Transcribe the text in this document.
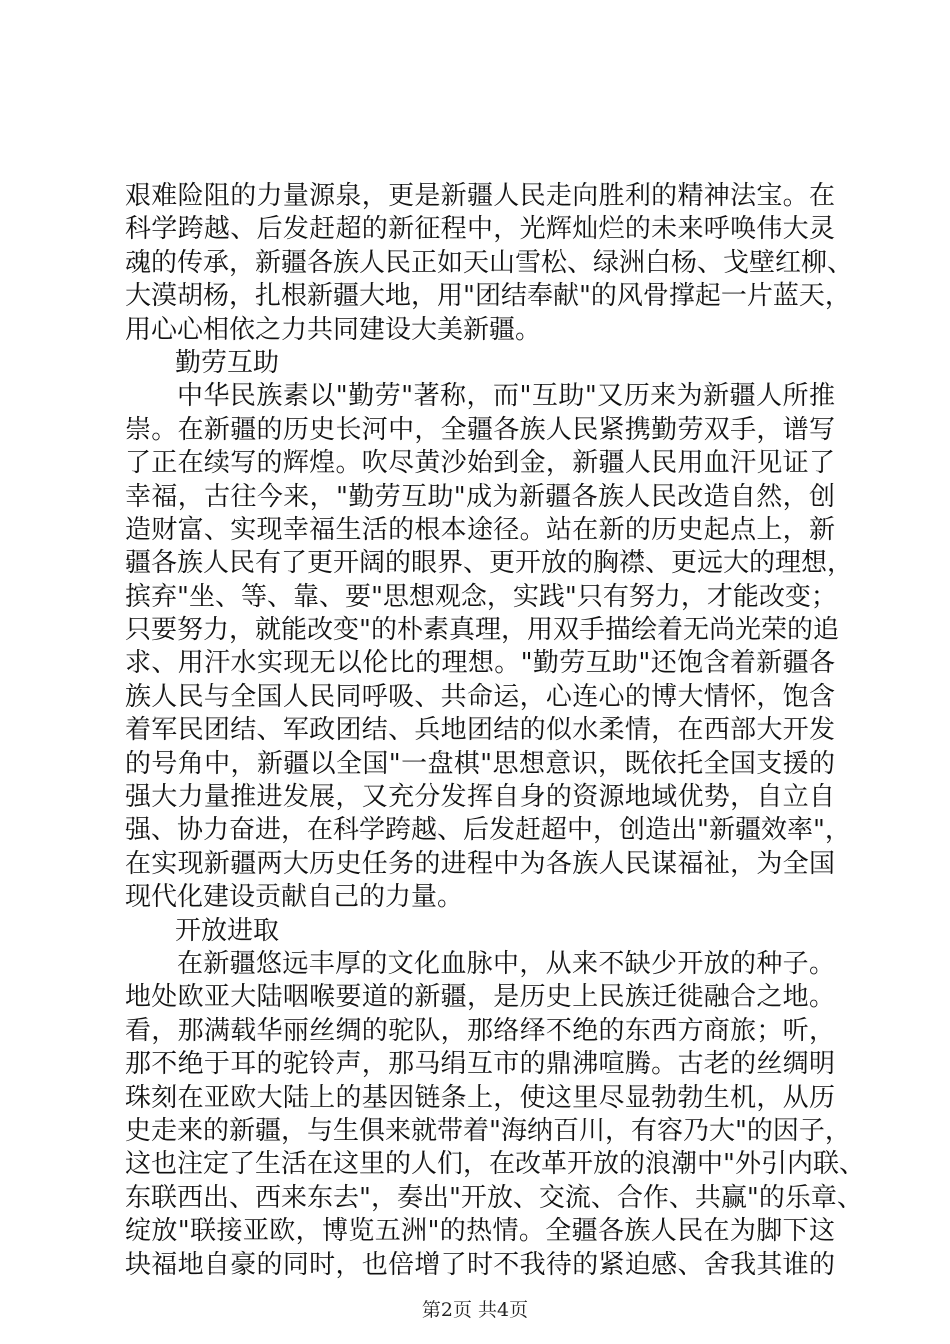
艰难险阻的力量源泉，更是新疆人民走向胜利的精神法宝。在
科学跨越、后发赶超的新征程中，光辉灿烂的未来呼唤伟大灵
魂的传承，新疆各族人民正如天山雪松、绿洲白杨、戈壁红柳、
大漠胡杨，扎根新疆大地，用"团结奉献"的风骨撑起一片蓝天，
用心心相依之力共同建设大美新疆。
勤劳互助
中华民族素以"勤劳"著称，而"互助"又历来为新疆人所推
崇。在新疆的历史长河中，全疆各族人民紧携勤劳双手，谱写
了正在续写的辉煌。吹尽黄沙始到金，新疆人民用血汗见证了
幸福，古往今来，"勤劳互助"成为新疆各族人民改造自然，创
造财富、实现幸福生活的根本途径。站在新的历史起点上，新
疆各族人民有了更开阔的眼界、更开放的胸襟、更远大的理想，
摈弃"坐、等、靠、要"思想观念，实践"只有努力，才能改变；
只要努力，就能改变"的朴素真理，用双手描绘着无尚光荣的追
求、用汗水实现无以伦比的理想。"勤劳互助"还饱含着新疆各
族人民与全国人民同呼吸、共命运，心连心的博大情怀，饱含
着军民团结、军政团结、兵地团结的似水柔情，在西部大开发
的号角中，新疆以全国"一盘棋"思想意识，既依托全国支援的
强大力量推进发展，又充分发挥自身的资源地域优势，自立自
强、协力奋进，在科学跨越、后发赶超中，创造出"新疆效率"，
在实现新疆两大历史任务的进程中为各族人民谋福祉，为全国
现代化建设贡献自己的力量。
开放进取
在新疆悠远丰厚的文化血脉中，从来不缺少开放的种子。
地处欧亚大陆咽喉要道的新疆，是历史上民族迁徙融合之地。
看，那满载华丽丝绸的驼队，那络绎不绝的东西方商旅；听，
那不绝于耳的驼铃声，那马绢互市的鼎沸喧腾。古老的丝绸明
珠刻在亚欧大陆上的基因链条上，使这里尽显勃勃生机，从历
史走来的新疆，与生俱来就带着"海纳百川，有容乃大"的因子，
这也注定了生活在这里的人们，在改革开放的浪潮中"外引内联、
东联西出、西来东去"，奏出"开放、交流、合作、共赢"的乐章、
绽放"联接亚欧，博览五洲"的热情。全疆各族人民在为脚下这
块福地自豪的同时，也倍增了时不我待的紧迫感、舍我其谁的
第2页 共4页
